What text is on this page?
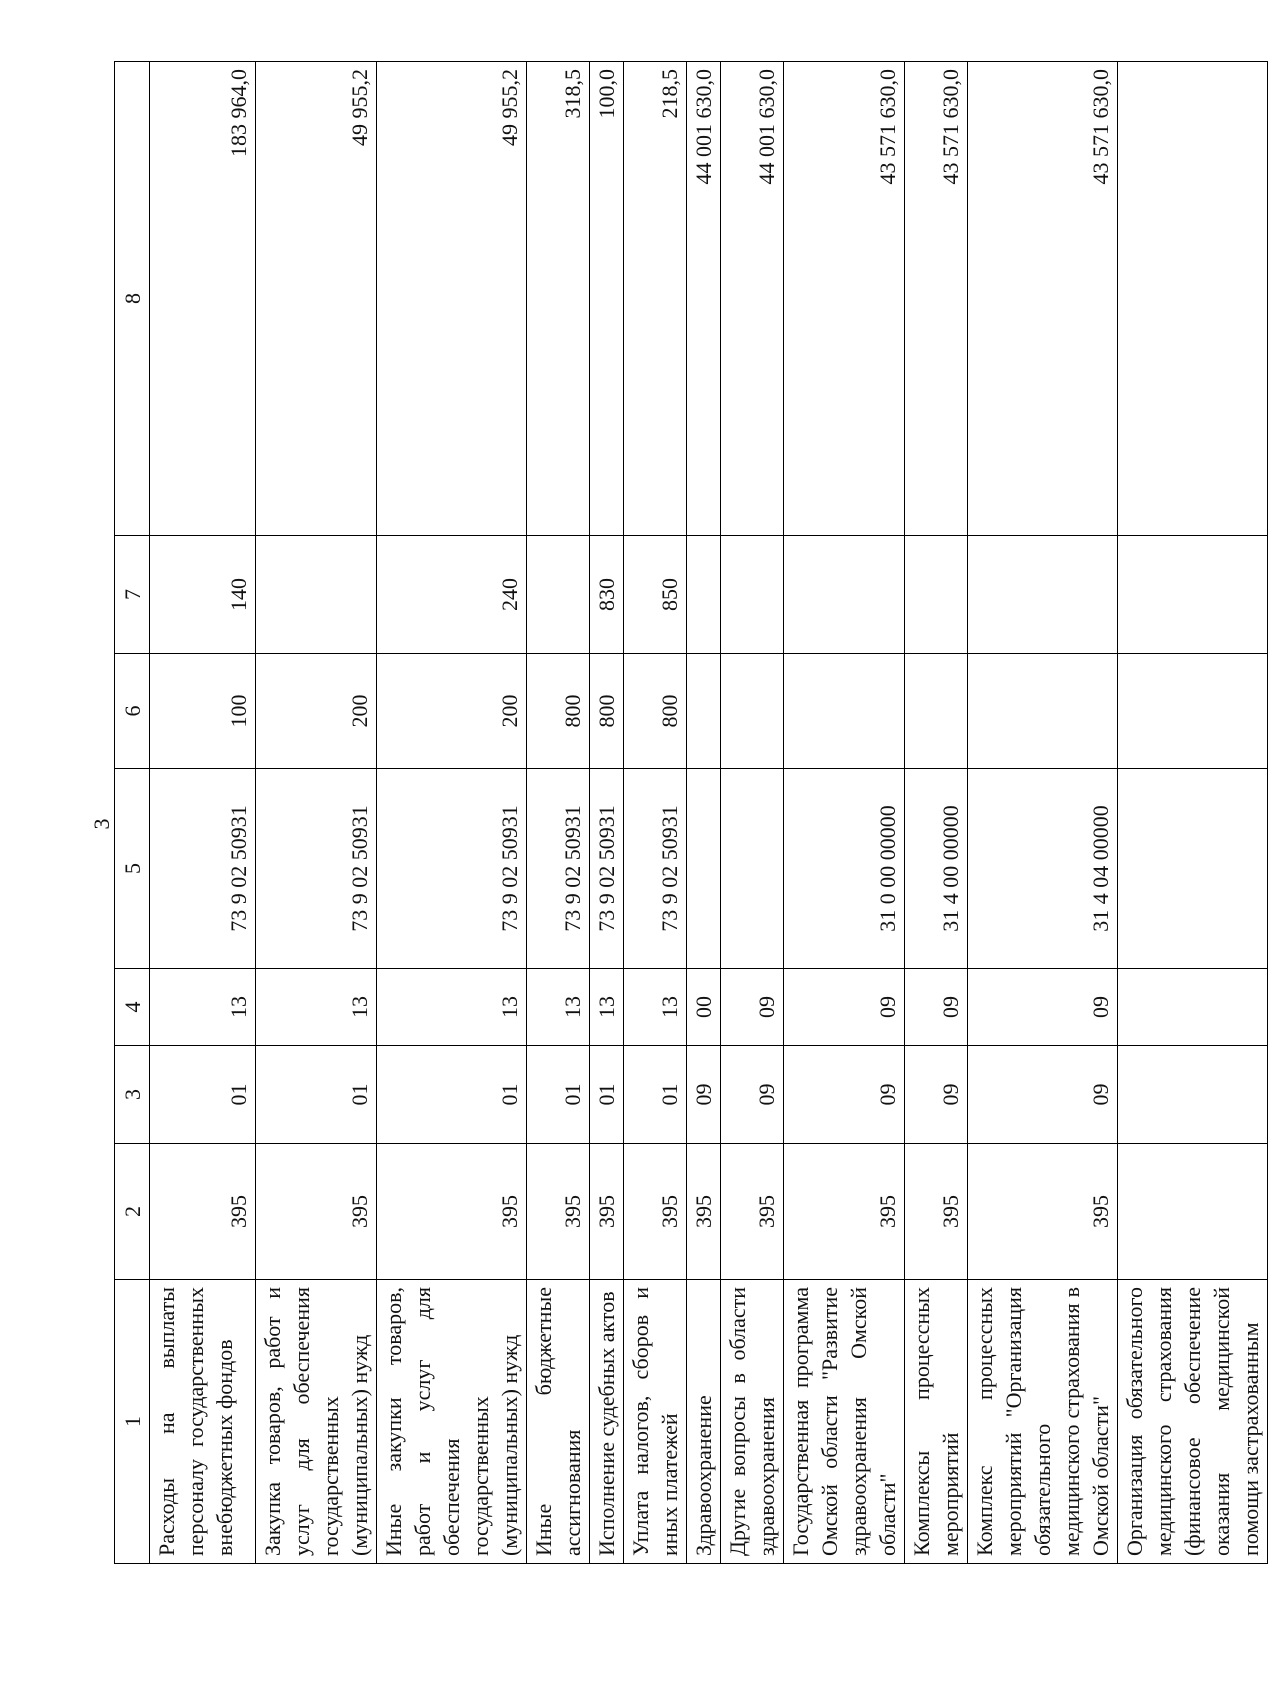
3
1	2	3	4	5	6	7	8
Расходы на выплаты персоналу государственных внебюджетных фондов	395	01	13	73 9 02 50931	100	140	183 964,0
Закупка товаров, работ и услуг для обеспечения государственных (муниципальных) нужд	395	01	13	73 9 02 50931	200		49 955,2
Иные закупки товаров, работ и услуг для обеспечения государственных (муниципальных) нужд	395	01	13	73 9 02 50931	200	240	49 955,2
Иные бюджетные ассигнования	395	01	13	73 9 02 50931	800		318,5
Исполнение судебных актов	395	01	13	73 9 02 50931	800	830	100,0
Уплата налогов, сборов и иных платежей	395	01	13	73 9 02 50931	800	850	218,5
Здравоохранение	395	09	00				44 001 630,0
Другие вопросы в области здравоохранения	395	09	09				44 001 630,0
Государственная программа Омской области "Развитие здравоохранения Омской области"	395	09	09	31 0 00 00000			43 571 630,0
Комплексы процессных мероприятий	395	09	09	31 4 00 00000			43 571 630,0
Комплекс процессных мероприятий "Организация обязательного медицинского страхования в Омской области"	395	09	09	31 4 04 00000			43 571 630,0
Организация обязательного медицинского страхования (финансовое обеспечение оказания медицинской помощи застрахованным							
